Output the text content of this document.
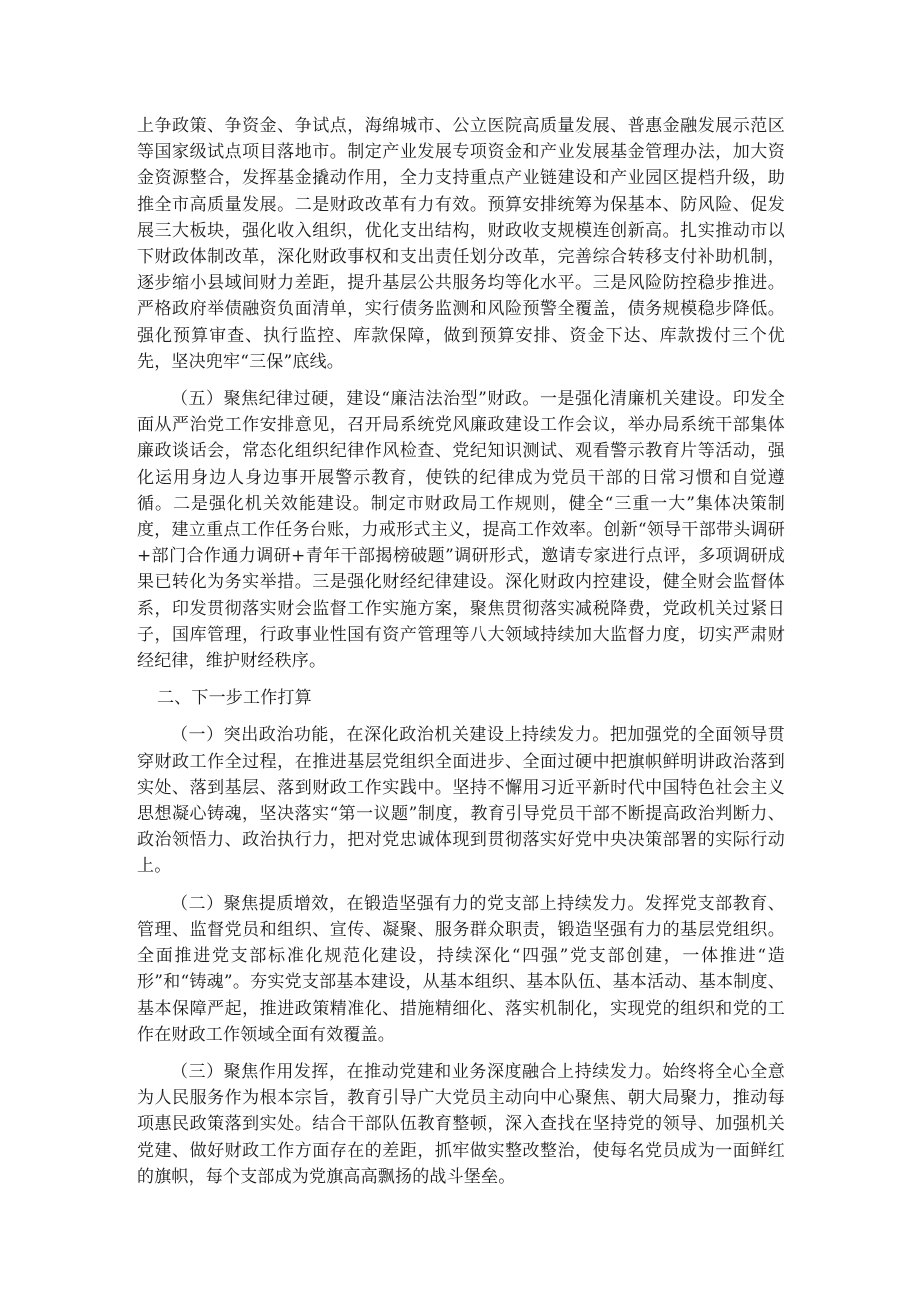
上争政策、争资金、争试点，海绵城市、公立医院高质量发展、普惠金融发展示范区等国家级试点项目落地市。制定产业发展专项资金和产业发展基金管理办法，加大资金资源整合，发挥基金撬动作用，全力支持重点产业链建设和产业园区提档升级，助推全市高质量发展。二是财政改革有力有效。预算安排统筹为保基本、防风险、促发展三大板块，强化收入组织，优化支出结构，财政收支规模连创新高。扎实推动市以下财政体制改革，深化财政事权和支出责任划分改革，完善综合转移支付补助机制，逐步缩小县域间财力差距，提升基层公共服务均等化水平。三是风险防控稳步推进。严格政府举债融资负面清单，实行债务监测和风险预警全覆盖，债务规模稳步降低。强化预算审查、执行监控、库款保障，做到预算安排、资金下达、库款拨付三个优先，坚决兜牢“三保”底线。

（五）聚焦纪律过硬，建设“廉洁法治型”财政。一是强化清廉机关建设。印发全面从严治党工作安排意见，召开局系统党风廉政建设工作会议，举办局系统干部集体廉政谈话会，常态化组织纪律作风检查、党纪知识测试、观看警示教育片等活动，强化运用身边人身边事开展警示教育，使铁的纪律成为党员干部的日常习惯和自觉遵循。二是强化机关效能建设。制定市财政局工作规则，健全“三重一大”集体决策制度，建立重点工作任务台账，力戒形式主义，提高工作效率。创新“领导干部带头调研+部门合作通力调研+青年干部揭榜破题”调研形式，邀请专家进行点评，多项调研成果已转化为务实举措。三是强化财经纪律建设。深化财政内控建设，健全财会监督体系，印发贯彻落实财会监督工作实施方案，聚焦贯彻落实减税降费，党政机关过紧日子，国库管理，行政事业性国有资产管理等八大领域持续加大监督力度，切实严肃财经纪律，维护财经秩序。

二、下一步工作打算

（一）突出政治功能，在深化政治机关建设上持续发力。把加强党的全面领导贯穿财政工作全过程，在推进基层党组织全面进步、全面过硬中把旗帜鲜明讲政治落到实处、落到基层、落到财政工作实践中。坚持不懈用习近平新时代中国特色社会主义思想凝心铸魂，坚决落实“第一议题”制度，教育引导党员干部不断提高政治判断力、政治领悟力、政治执行力，把对党忠诚体现到贯彻落实好党中央决策部署的实际行动上。

（二）聚焦提质增效，在锻造坚强有力的党支部上持续发力。发挥党支部教育、管理、监督党员和组织、宣传、凝聚、服务群众职责，锻造坚强有力的基层党组织。全面推进党支部标准化规范化建设，持续深化“四强”党支部创建，一体推进“造形”和“铸魂”。夯实党支部基本建设，从基本组织、基本队伍、基本活动、基本制度、基本保障严起，推进政策精准化、措施精细化、落实机制化，实现党的组织和党的工作在财政工作领域全面有效覆盖。

（三）聚焦作用发挥，在推动党建和业务深度融合上持续发力。始终将全心全意为人民服务作为根本宗旨，教育引导广大党员主动向中心聚焦、朝大局聚力，推动每项惠民政策落到实处。结合干部队伍教育整顿，深入查找在坚持党的领导、加强机关党建、做好财政工作方面存在的差距，抓牢做实整改整治，使每名党员成为一面鲜红的旗帜，每个支部成为党旗高高飘扬的战斗堡垒。
